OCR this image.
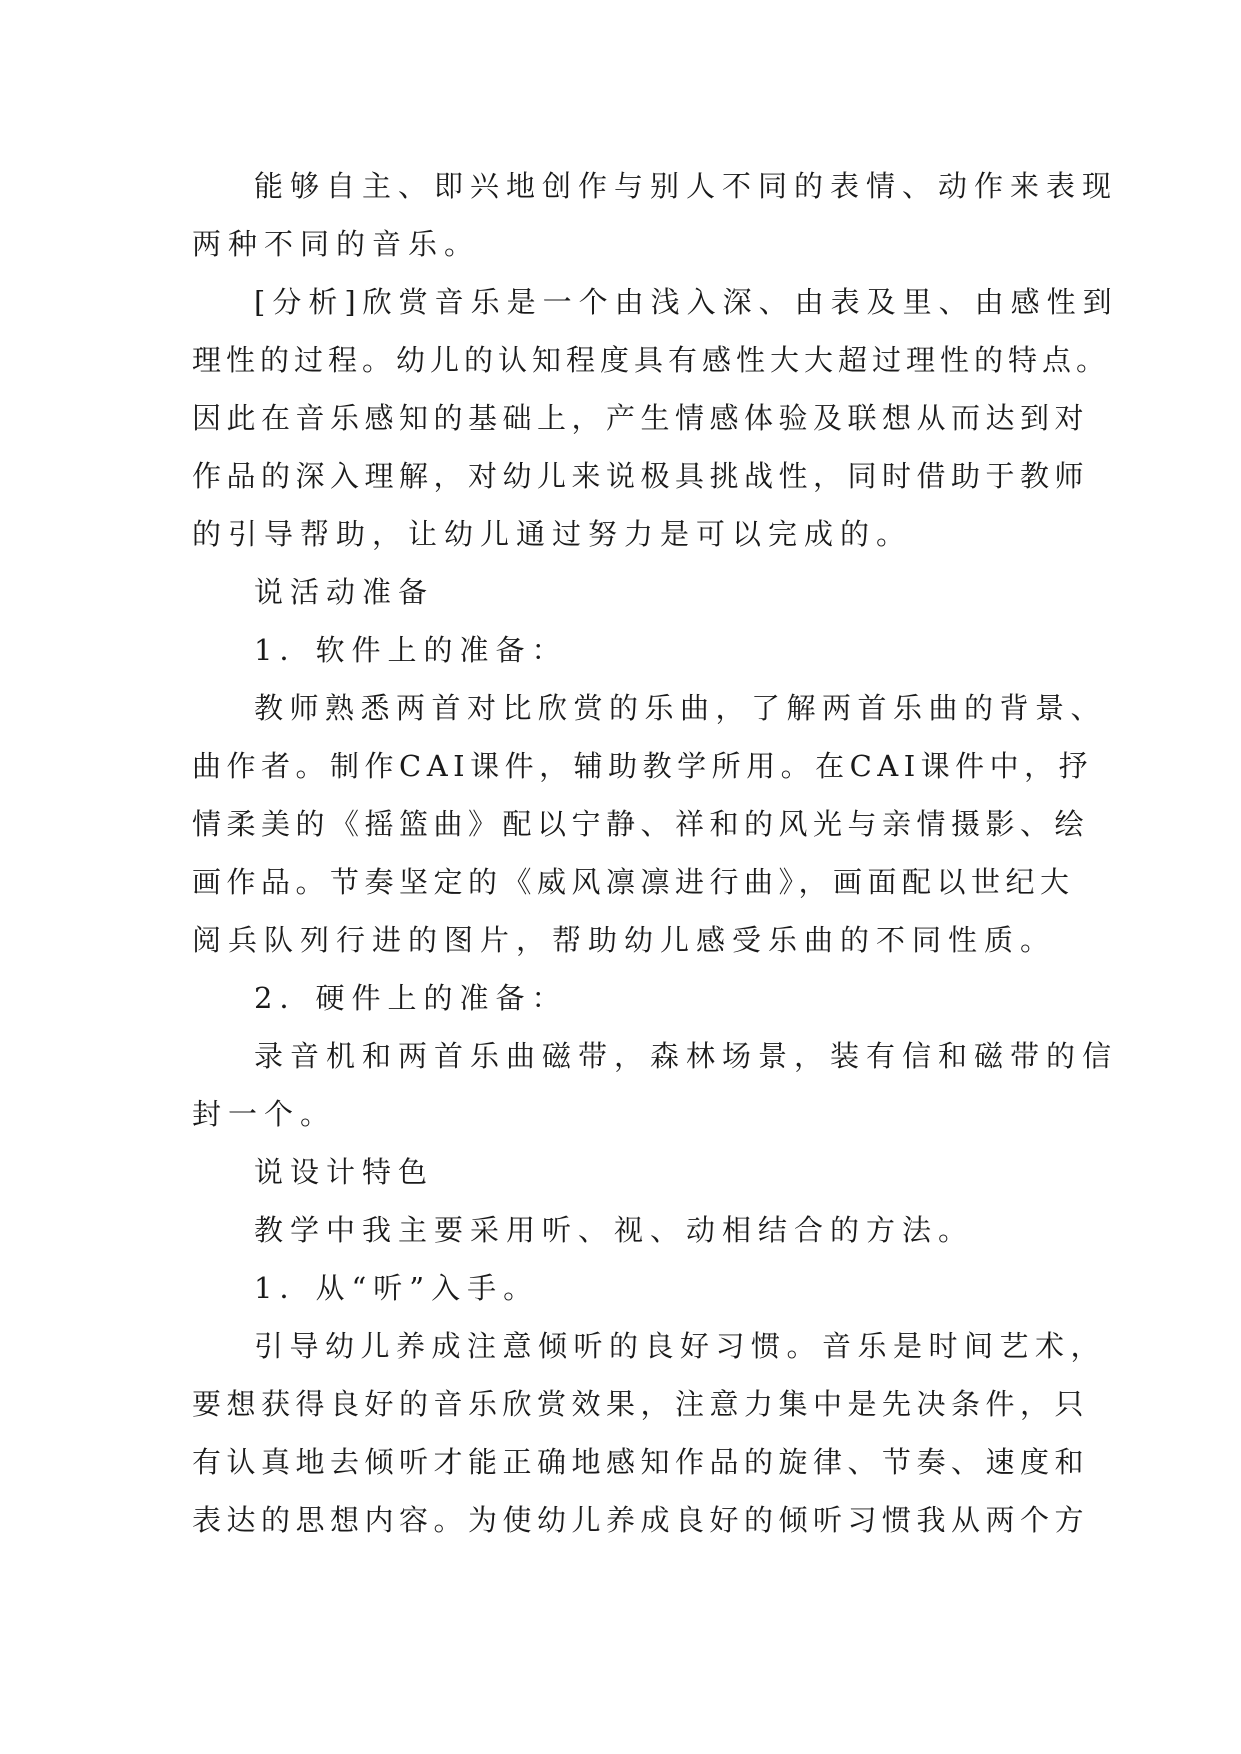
能够自主、即兴地创作与别人不同的表情、动作来表现
两种不同的音乐。
[分析]欣赏音乐是一个由浅入深、由表及里、由感性到
理性的过程。幼儿的认知程度具有感性大大超过理性的特点。
因此在音乐感知的基础上，产生情感体验及联想从而达到对
作品的深入理解，对幼儿来说极具挑战性，同时借助于教师
的引导帮助，让幼儿通过努力是可以完成的。
说活动准备
1．软件上的准备：
教师熟悉两首对比欣赏的乐曲，了解两首乐曲的背景、
曲作者。制作CAI课件，辅助教学所用。在CAI课件中，抒
情柔美的《摇篮曲》配以宁静、祥和的风光与亲情摄影、绘
画作品。节奏坚定的《威风凛凛进行曲》，画面配以世纪大
阅兵队列行进的图片，帮助幼儿感受乐曲的不同性质。
2．硬件上的准备：
录音机和两首乐曲磁带，森林场景，装有信和磁带的信
封一个。
说设计特色
教学中我主要采用听、视、动相结合的方法。
1．从“听”入手。
引导幼儿养成注意倾听的良好习惯。音乐是时间艺术，
要想获得良好的音乐欣赏效果，注意力集中是先决条件，只
有认真地去倾听才能正确地感知作品的旋律、节奏、速度和
表达的思想内容。为使幼儿养成良好的倾听习惯我从两个方
